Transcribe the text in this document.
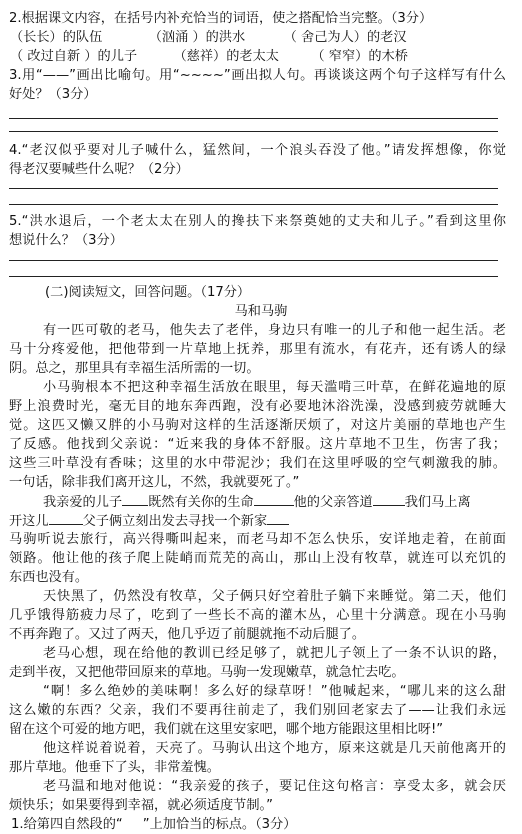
2.根据课文内容，在括号内补充恰当的词语，使之搭配恰当完整。（3分）
（长长）的队伍	（汹涌 ）的洪水	（ 舍己为人）的老汉
（ 改过自新 ）的儿子	（慈祥）的老太太 （ 窄窄）的木桥
3.用“——”画出比喻句。用“~~~~”画出拟人句。再谈谈这两个句子这样写有什么
好处？（3分）
4.“老汉似乎要对儿子喊什么，猛然间，一个浪头吞没了他。”请发挥想像，你觉
得老汉要喊些什么呢？（2分）
5.“洪水退后，一个老太太在别人的搀扶下来祭奠她的丈夫和儿子。”看到这里你
想说什么？（3分）
(二)阅读短文，回答问题。（17分）
马和马驹
有一匹可敬的老马，他失去了老伴，身边只有唯一的儿子和他一起生活。老
马十分疼爱他，把他带到一片草地上抚养，那里有流水，有花卉，还有诱人的绿
阴。总之，那里具有幸福生活所需的一切。
小马驹根本不把这种幸福生活放在眼里，每天滥啃三叶草，在鲜花遍地的原
野上浪费时光，毫无目的地东奔西跑，没有必要地沐浴洗澡，没感到疲劳就睡大
觉。这匹又懒又胖的小马驹对这样的生活逐渐厌烦了，对这片美丽的草地也产生
了反感。他找到父亲说：“近来我的身体不舒服。这片草地不卫生，伤害了我；
这些三叶草没有香味；这里的水中带泥沙；我们在这里呼吸的空气刺激我的肺。
一句话，除非我们离开这儿，不然，我就要死了。”
我亲爱的儿子 既然有关你的生命	他的父亲答道 我们马上离
开这儿	父子俩立刻出发去寻找一个新家
马驹听说去旅行，高兴得嘶叫起来，而老马却不怎么快乐，安详地走着，在前面
领路。他让他的孩子爬上陡峭而荒芜的高山，那山上没有牧草，就连可以充饥的
东西也没有。
天快黑了，仍然没有牧草，父子俩只好空着肚子躺下来睡觉。第二天，他们
几乎饿得筋疲力尽了，吃到了一些长不高的灌木丛，心里十分满意。现在小马驹
不再奔跑了。又过了两天，他几乎迈了前腿就拖不动后腿了。
老马心想，现在给他的教训已经足够了，就把儿子领上了一条不认识的路，
走到半夜，又把他带回原来的草地。马驹一发现嫩草，就急忙去吃。
“啊！多么绝妙的美味啊！多么好的绿草呀！”他喊起来，“哪儿来的这么甜
这么嫩的东西？父亲，我们不要再往前走了，我们别回老家去了——让我们永远
留在这个可爱的地方吧，我们就在这里安家吧，哪个地方能跟这里相比呀!”
他这样说着说着，天亮了。马驹认出这个地方，原来这就是几天前他离开的
那片草地。他垂下了头，非常羞愧。
老马温和地对他说：“我亲爱的孩子，要记住这句格言：享受太多，就会厌
烦快乐；如果要得到幸福，就必须适度节制。”
1.给第四自然段的“ ”上加恰当的标点。（3分）
